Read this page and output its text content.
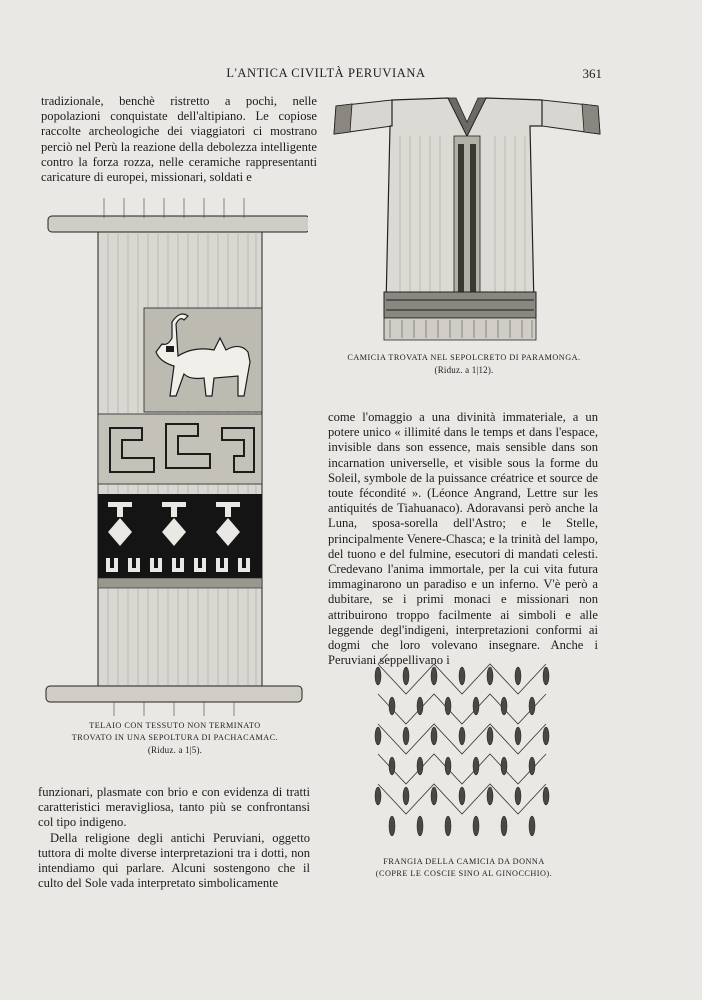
L'ANTICA CIVILTÀ PERUVIANA	361

tradizionale, benchè ristretto a pochi, nelle popolazioni conquistate dell'altipiano. Le copiose raccolte archeologiche dei viaggiatori ci mostrano perciò nel Perù la reazione della debolezza intelligente contro la forza rozza, nelle ceramiche rappresentanti caricature di europei, missionari, soldati e

CAMICIA TROVATA NEL SEPOLCRETO DI PARAMONGA.
(Riduz. a 1|12).
TELAIO CON TESSUTO NON TERMINATO
TROVATO IN UNA SEPOLTURA DI PACHACAMAC.
(Riduz. a 1|5).

come l'omaggio a una divinità immateriale, a un potere unico « illimité dans le temps et dans l'espace, invisible dans son essence, mais sensible dans son incarnation universelle, et visible sous la forme du Soleil, symbole de la puissance créatrice et source de toute fécondité ». (Léonce Angrand, Lettre sur les antiquités de Tiahuanaco). Adoravansi però anche la Luna, sposa-sorella dell'Astro; e le Stelle, principalmente Venere-Chasca; e la trinità del lampo, del tuono e del fulmine, esecutori di mandati celesti. Credevano l'anima immortale, per la cui vita futura immaginarono un paradiso e un inferno. V'è però a dubitare, se i primi monaci e missionari non attribuirono troppo facilmente ai simboli e alle leggende degl'indigeni, interpretazioni conformi ai dogmi che loro volevano insegnare. Anche i Peruviani seppellivano i

FRANGIA DELLA CAMICIA DA DONNA
(COPRE LE COSCIE SINO AL GINOCCHIO).

funzionari, plasmate con brio e con evidenza di tratti caratteristici meravigliosa, tanto più se confrontansi col tipo indigeno.

Della religione degli antichi Peruviani, oggetto tuttora di molte diverse interpretazioni tra i dotti, non intendiamo qui parlare. Alcuni sostengono che il culto del Sole vada interpretato simbolicamente
